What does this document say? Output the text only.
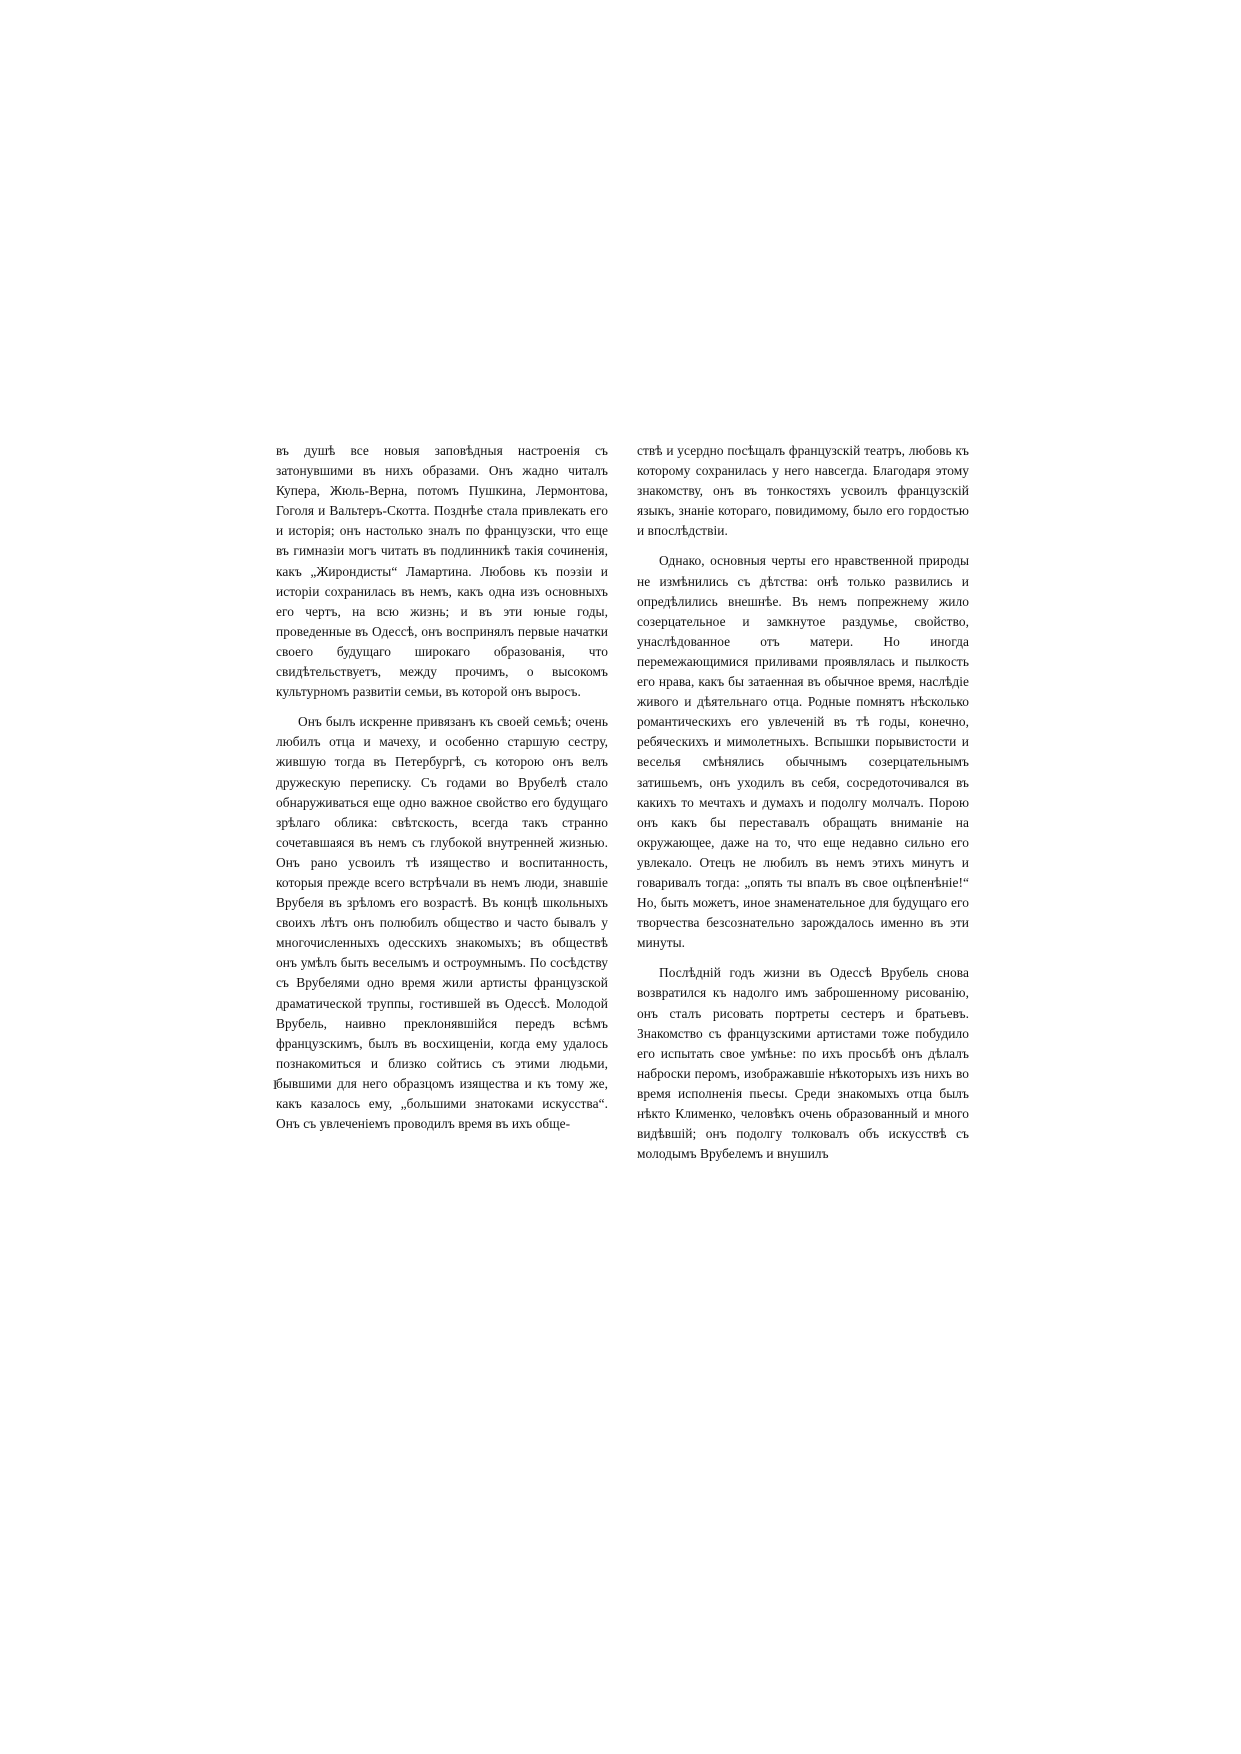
въ душѣ все новыя заповѣдныя настроенія съ затонувшими въ нихъ образами. Онъ жадно читалъ Купера, Жюль-Верна, потомъ Пушкина, Лермонтова, Гоголя и Вальтеръ-Скотта. Позднѣе стала привлекать его и исторія; онъ настолько зналъ по французски, что еще въ гимназіи могъ читать въ подлинникѣ такія сочиненія, какъ „Жирондисты“ Ламартина. Любовь къ поэзіи и исторіи сохранилась въ немъ, какъ одна изъ основныхъ его чертъ, на всю жизнь; и въ эти юные годы, проведенные въ Одессѣ, онъ воспринялъ первые начатки своего будущаго широкаго образованія, что свидѣтельствуетъ, между прочимъ, о высокомъ культурномъ развитіи семьи, въ которой онъ выросъ.

Онъ былъ искренне привязанъ къ своей семьѣ; очень любилъ отца и мачеху, и особенно старшую сестру, жившую тогда въ Петербургѣ, съ которою онъ велъ дружескую переписку. Съ годами во Врубелѣ стало обнаруживаться еще одно важное свойство его будущаго зрѣлаго облика: свѣтскость, всегда такъ странно сочетавшаяся въ немъ съ глубокой внутренней жизнью. Онъ рано усвоилъ тѣ изящество и воспитанность, которыя прежде всего встрѣчали въ немъ люди, знавшіе Врубеля въ зрѣломъ его возрастѣ. Въ концѣ школьныхъ своихъ лѣтъ онъ полюбилъ общество и часто бывалъ у многочисленныхъ одесскихъ знакомыхъ; въ обществѣ онъ умѣлъ быть веселымъ и остроумнымъ. По сосѣдству съ Врубелями одно время жили артисты французской драматической труппы, гостившей въ Одессѣ. Молодой Врубель, наивно преклонявшійся передъ всѣмъ французскимъ, былъ въ восхищеніи, когда ему удалось познакомиться и близко сойтись съ этими людьми, бывшими для него образцомъ изящества и къ тому же, какъ казалось ему, „большими знатоками искусства“. Онъ съ увлеченіемъ проводилъ время въ ихъ обще-

ствѣ и усердно посѣщалъ французскій театръ, любовь къ которому сохранилась у него навсегда. Благодаря этому знакомству, онъ въ тонкостяхъ усвоилъ французскій языкъ, знаніе котораго, повидимому, было его гордостью и впослѣдствіи.

Однако, основныя черты его нравственной природы не измѣнились съ дѣтства: онѣ только развились и опредѣлились внешнѣе. Въ немъ попрежнему жило созерцательное и замкнутое раздумье, свойство, унаслѣдованное отъ матери. Но иногда перемежающимися приливами проявлялась и пылкость его нрава, какъ бы затаенная въ обычное время, наслѣдіе живого и дѣятельнаго отца. Родные помнятъ нѣсколько романтическихъ его увлеченій въ тѣ годы, конечно, ребяческихъ и мимолетныхъ. Вспышки порывистости и веселья смѣнялись обычнымъ созерцательнымъ затишьемъ, онъ уходилъ въ себя, сосредоточивался въ какихъ то мечтахъ и думахъ и подолгу молчалъ. Порою онъ какъ бы переставалъ обращать вниманіе на окружающее, даже на то, что еще недавно сильно его увлекало. Отецъ не любилъ въ немъ этихъ минутъ и говаривалъ тогда: „опять ты впалъ въ свое оцѣпенѣніе!“ Но, быть можетъ, иное знаменательное для будущаго его творчества безсознательно зарождалось именно въ эти минуты.

Послѣдній годъ жизни въ Одессѣ Врубель снова возвратился къ надолго имъ заброшенному рисованію, онъ сталъ рисовать портреты сестеръ и братьевъ. Знакомство съ французскими артистами тоже побудило его испытать свое умѣнье: по ихъ просьбѣ онъ дѣлалъ наброски перомъ, изображавшіе нѣкоторыхъ изъ нихъ во время исполненія пьесы. Среди знакомыхъ отца былъ нѣкто Клименко, человѣкъ очень образованный и много видѣвшій; онъ подолгу толковалъ объ искусствѣ съ молодымъ Врубелемъ и внушилъ

I
